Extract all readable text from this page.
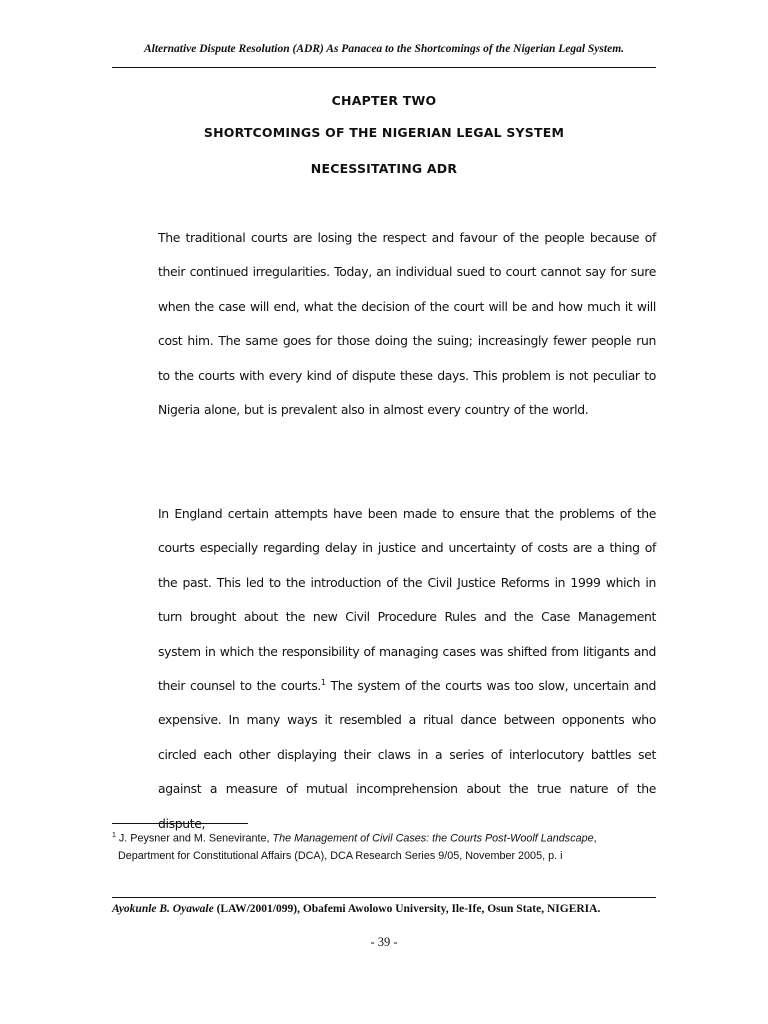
Alternative Dispute Resolution (ADR) As Panacea to the Shortcomings of the Nigerian Legal System.
CHAPTER TWO
SHORTCOMINGS OF THE NIGERIAN LEGAL SYSTEM
NECESSITATING ADR

The traditional courts are losing the respect and favour of the people because of their continued irregularities. Today, an individual sued to court cannot say for sure when the case will end, what the decision of the court will be and how much it will cost him. The same goes for those doing the suing; increasingly fewer people run to the courts with every kind of dispute these days. This problem is not peculiar to Nigeria alone, but is prevalent also in almost every country of the world.

In England certain attempts have been made to ensure that the problems of the courts especially regarding delay in justice and uncertainty of costs are a thing of the past. This led to the introduction of the Civil Justice Reforms in 1999 which in turn brought about the new Civil Procedure Rules and the Case Management system in which the responsibility of managing cases was shifted from litigants and their counsel to the courts.$^1$ The system of the courts was too slow, uncertain and expensive. In many ways it resembled a ritual dance between opponents who circled each other displaying their claws in a series of interlocutory battles set against a measure of mutual incomprehension about the true nature of the dispute,

$^1$ J. Peysner and M. Senevirante, The Management of Civil Cases: the Courts Post-Woolf Landscape,
Department for Constitutional Affairs (DCA), DCA Research Series 9/05, November 2005, p. i
Ayokunle B. Oyawale (LAW/2001/099), Obafemi Awolowo University, Ile-Ife, Osun State, NIGERIA.
- 39 -
